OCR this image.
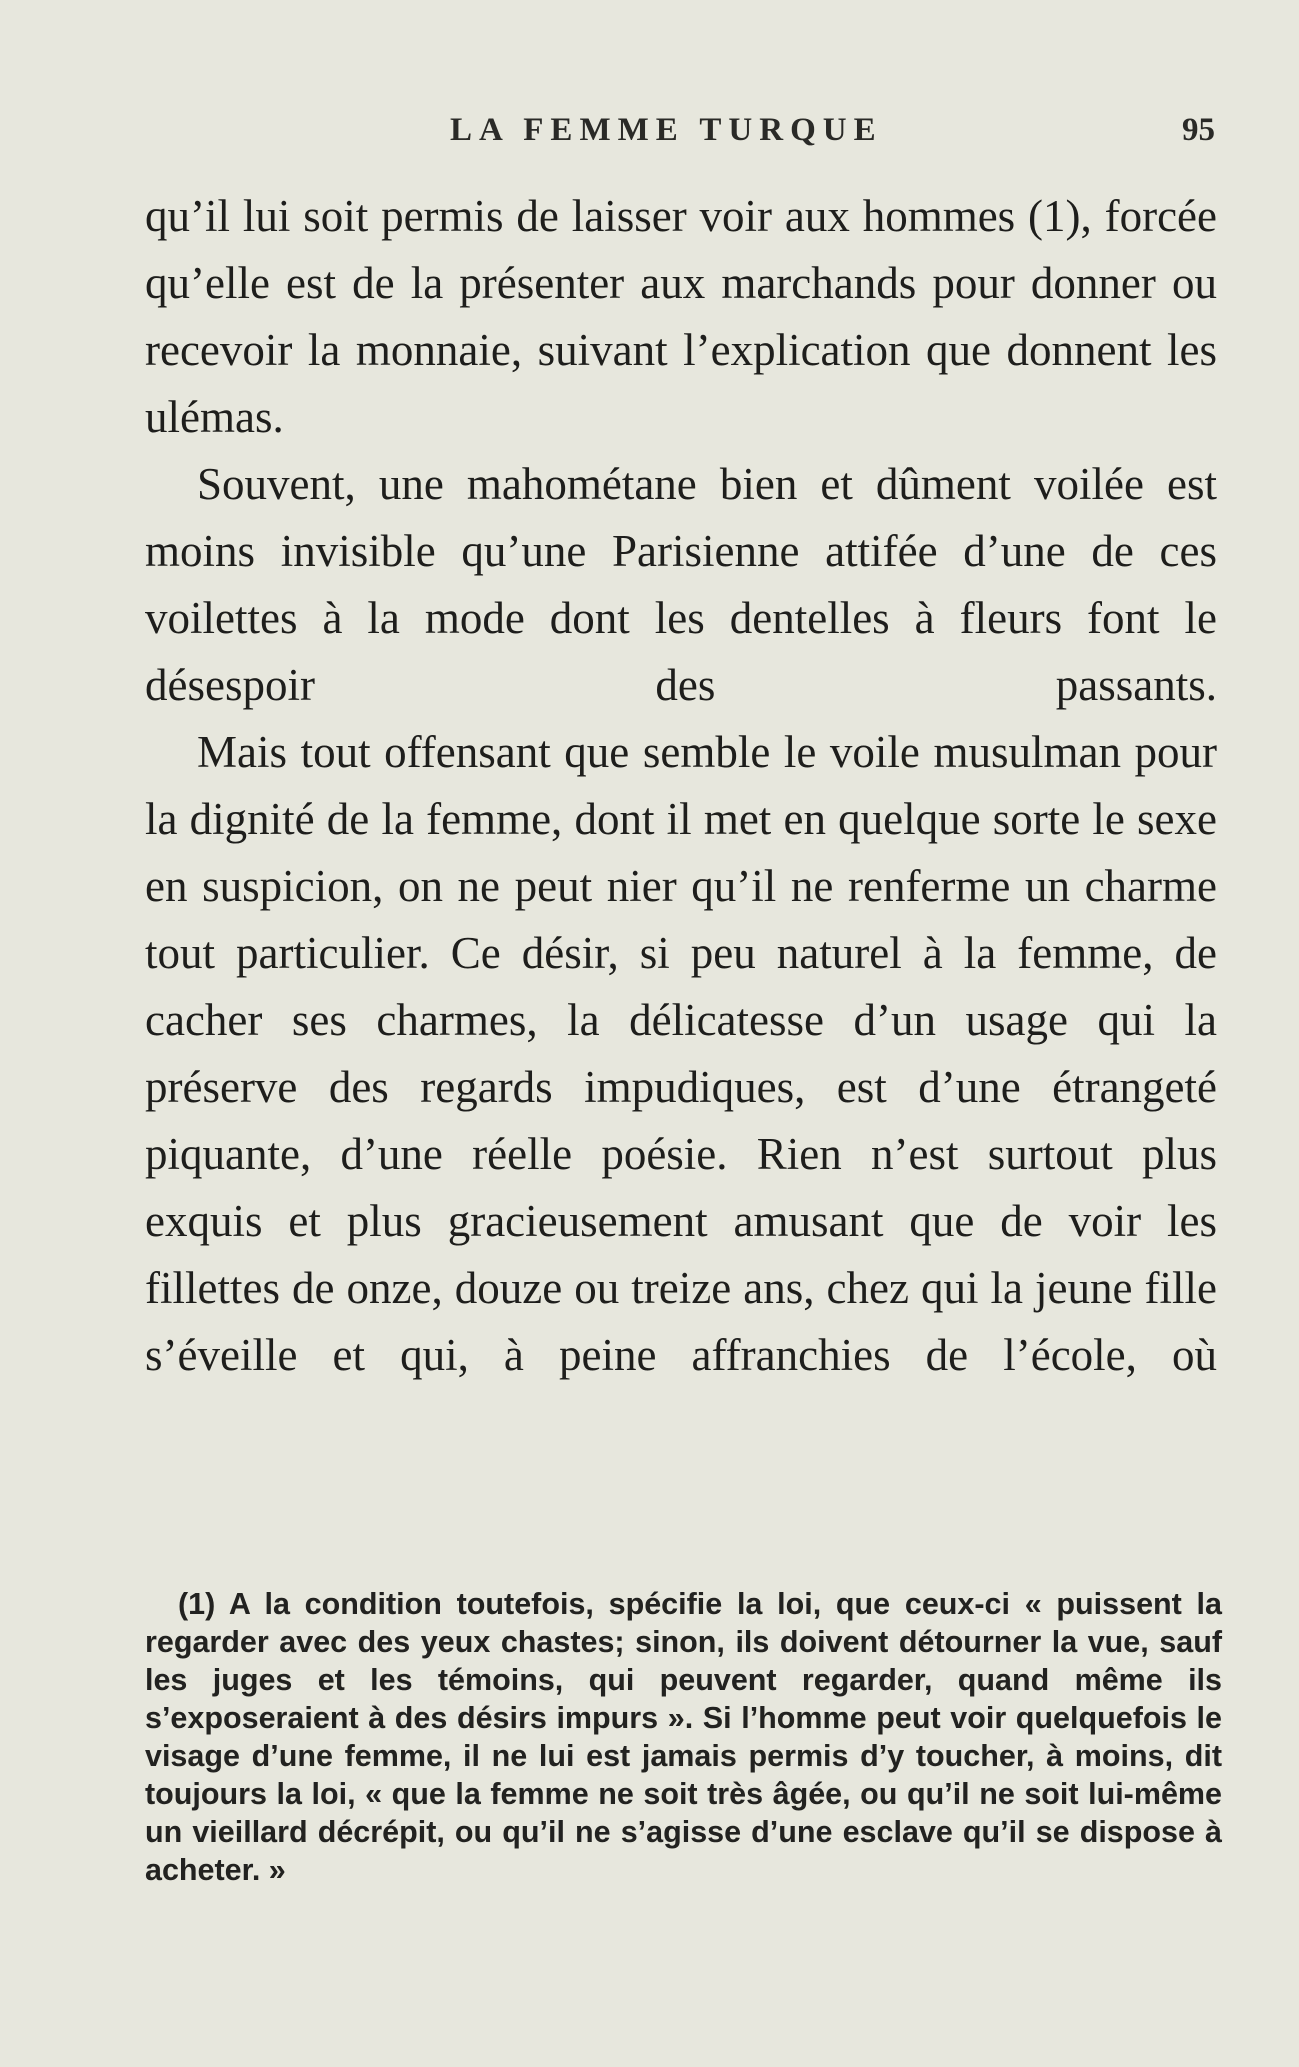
LA FEMME TURQUE	95

qu’il lui soit permis de laisser voir aux hommes (1), forcée qu’elle est de la présenter aux marchands pour donner ou recevoir la monnaie, suivant l’explication que donnent les ulémas.

Souvent, une mahométane bien et dûment voilée est moins invisible qu’une Parisienne attifée d’une de ces voilettes à la mode dont les dentelles à fleurs font le désespoir des passants.

Mais tout offensant que semble le voile musulman pour la dignité de la femme, dont il met en quelque sorte le sexe en suspicion, on ne peut nier qu’il ne renferme un charme tout particulier. Ce désir, si peu naturel à la femme, de cacher ses charmes, la délicatesse d’un usage qui la préserve des regards impudiques, est d’une étrangeté piquante, d’une réelle poésie. Rien n’est surtout plus exquis et plus gracieusement amusant que de voir les fillettes de onze, douze ou treize ans, chez qui la jeune fille s’éveille et qui, à peine affranchies de l’école, où

(1) A la condition toutefois, spécifie la loi, que ceux-ci « puissent la regarder avec des yeux chastes; sinon, ils doivent détourner la vue, sauf les juges et les témoins, qui peuvent regarder, quand même ils s’exposeraient à des désirs impurs ». Si l’homme peut voir quelquefois le visage d’une femme, il ne lui est jamais permis d’y toucher, à moins, dit toujours la loi, « que la femme ne soit très âgée, ou qu’il ne soit lui-même un vieillard décrépit, ou qu’il ne s’agisse d’une esclave qu’il se dispose à acheter. »
